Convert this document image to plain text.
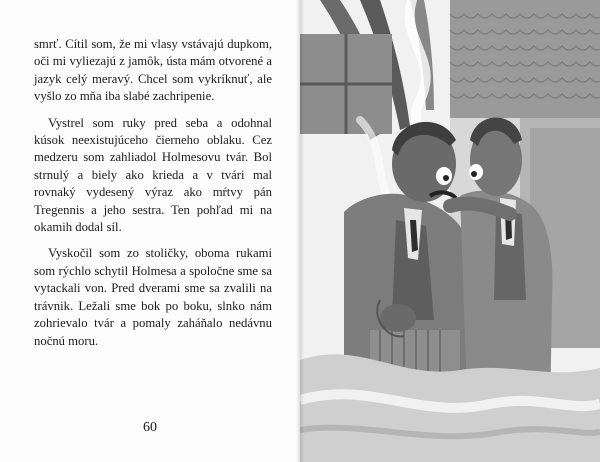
smrť. Cítil som, že mi vlasy vstávajú dupkom, oči mi vyliezajú z jamôk, ústa mám otvorené a jazyk celý meravý. Chcel som vykríknuť, ale vyšlo zo mňa iba slabé zachripenie.

Vystrel som ruky pred seba a odohnal kúsok neexistujúceho čierneho oblaku. Cez medzeru som zahliadol Holmesovu tvár. Bol strnulý a biely ako krieda a v tvári mal rovnaký vydesený výraz ako mŕtvy pán Tregennis a jeho sestra. Ten pohľad mi na okamih dodal síl.

Vyskočil som zo stoličky, oboma rukami som rýchlo schytil Holmesa a spoločne sme sa vytackali von. Pred dverami sme sa zvalili na trávnik. Ležali sme bok po boku, slnko nám zohrievalo tvár a pomaly zaháňalo nedávnu nočnú moru.

60
